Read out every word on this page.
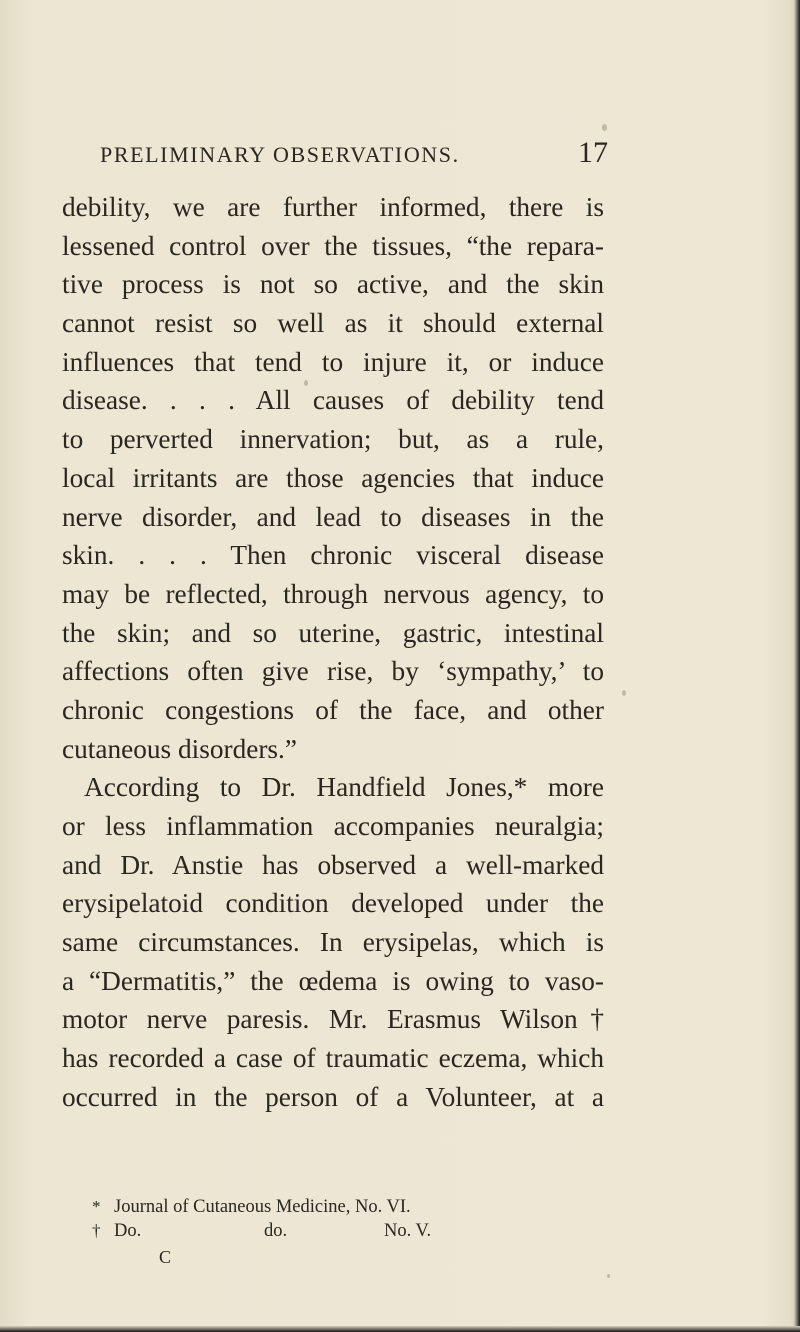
PRELIMINARY OBSERVATIONS.	17
debility, we are further informed, there is
lessened control over the tissues, “the repara-
tive process is not so active, and the skin
cannot resist so well as it should external
influences that tend to injure it, or induce
disease. . . . All causes of debility tend
to perverted innervation; but, as a rule,
local irritants are those agencies that induce
nerve disorder, and lead to diseases in the
skin. . . . Then chronic visceral disease
may be reflected, through nervous agency, to
the skin; and so uterine, gastric, intestinal
affections often give rise, by ‘sympathy,’ to
chronic congestions of the face, and other
cutaneous disorders.”
According to Dr. Handfield Jones,* more
or less inflammation accompanies neuralgia;
and Dr. Anstie has observed a well-marked
erysipelatoid condition developed under the
same circumstances. In erysipelas, which is
a “Dermatitis,” the œdema is owing to vaso-
motor nerve paresis. Mr. Erasmus Wilson†
has recorded a case of traumatic eczema, which
occurred in the person of a Volunteer, at a
* Journal of Cutaneous Medicine, No. VI.
† Do.	do.	No. V.
C
